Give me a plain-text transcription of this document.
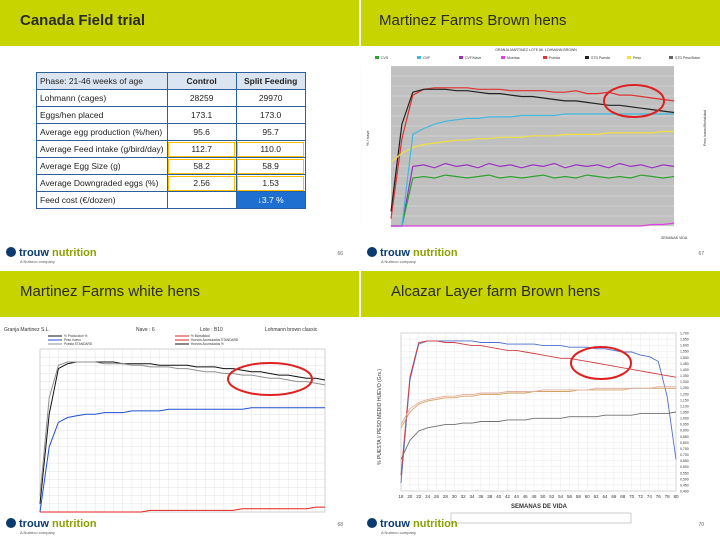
Canada Field trial
Phase: 21-46 weeks of age	Control	Split Feeding
Lohmann (cages)	28259	29970
Eggs/hen placed	173.1	173.0
Average egg production (%/hen)	95.6	95.7
Average Feed intake (g/bird/day)	112.7	110.0
Average Egg Size (g)	58.2	58.9
Average Downgraded eggs (%)	2.56	1.53
Feed cost (€/dozen)		↓3.7 %
trouw nutrition
A Nutreco company
66
Martinez Farms Brown hens
GRANJA MARTINEZ LOTE 86. LOHMANN BROWN
CVS	OVF	CVF/Nave	Muertas	Puesta	STD Puesta	Peso	STD Peso/Nave
% / nave	Peso huevo/Mortalidad
SEMANAS VIDA
trouw nutrition
A Nutreco company
67
Martinez Farms white hens
Granja Martinez S.L.	Nave : 6	Lote : B10	Lohmann brown classic
% Producción %	% Mortalidad
Peso huevo	Huevos Acumulados STANDARD
Puesta STANDARD	Huevos Acumulados %
trouw nutrition
A Nutreco company
68
Alcazar Layer farm Brown hens
1,700
1,650
1,600
1,550
1,500
1,450
1,400
1,350
1,300
1,250
1,200
1,150
1,100
1,050
1,000
0,950
0,900
0,850
0,800
0,750
0,700
0,650
0,600
0,550
0,500
0,450
0,400
18 20 22 24 26 28 30 32 34 36 38 40 42 44 46 48 50 52 54 56 58 60 62 64 66 68 70 72 74 76 78 80
% PUESTA // PESO MEDIO HUEVO (Grs.)
SEMANAS DE VIDA
trouw nutrition
A Nutreco company
70
